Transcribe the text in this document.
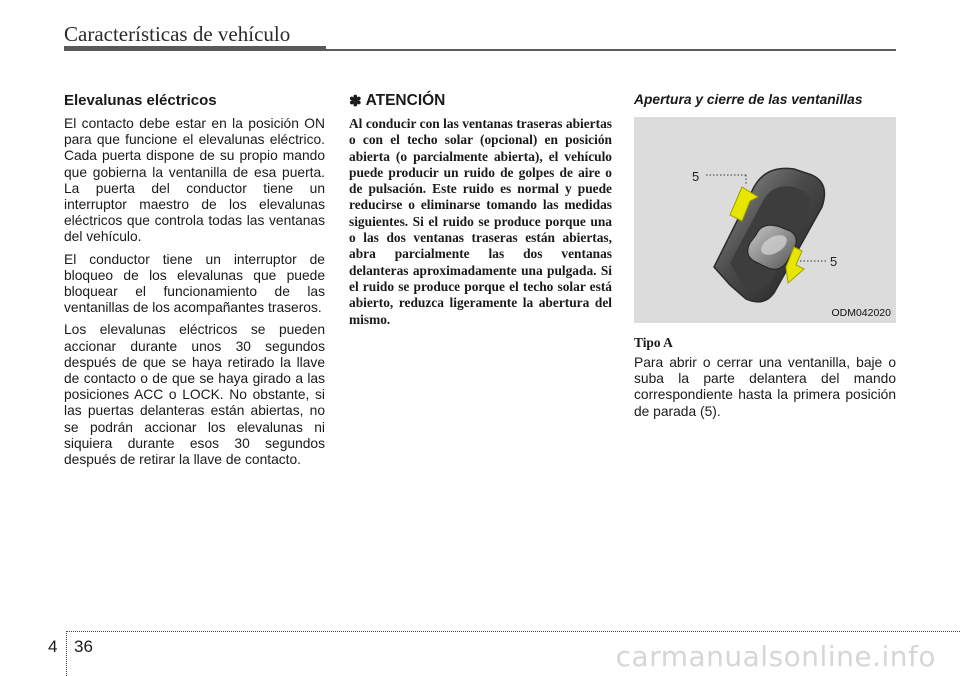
Características de vehículo
Elevalunas eléctricos

El contacto debe estar en la posición ON para que funcione el elevalunas eléctrico. Cada puerta dispone de su propio mando que gobierna la ventanilla de esa puerta. La puerta del conductor tiene un interruptor maestro de los elevalunas eléctricos que controla todas las ventanas del vehículo.

El conductor tiene un interruptor de bloqueo de los elevalunas que puede bloquear el funcionamiento de las ventanillas de los acompañantes traseros.

Los elevalunas eléctricos se pueden accionar durante unos 30 segundos después de que se haya retirado la llave de contacto o de que se haya girado a las posiciones ACC o LOCK. No obstante, si las puertas delanteras están abiertas, no se podrán accionar los elevalunas ni siquiera durante esos 30 segundos después de retirar la llave de contacto.

✽ ATENCIÓN

Al conducir con las ventanas traseras abiertas o con el techo solar (opcional) en posición abierta (o parcialmente abierta), el vehículo puede producir un ruido de golpes de aire o de pulsación. Este ruido es normal y puede reducirse o eliminarse tomando las medidas siguientes. Si el ruido se produce porque una o las dos ventanas traseras están abiertas, abra parcialmente las dos ventanas delanteras aproximadamente una pulgada. Si el ruido se produce porque el techo solar está abierto, reduzca ligeramente la abertura del mismo.

Apertura y cierre de las ventanillas
5
5
ODM042020
Tipo A

Para abrir o cerrar una ventanilla, baje o suba la parte delantera del mando correspondiente hasta la primera posición de parada (5).

4 36	carmanualsonline.info
